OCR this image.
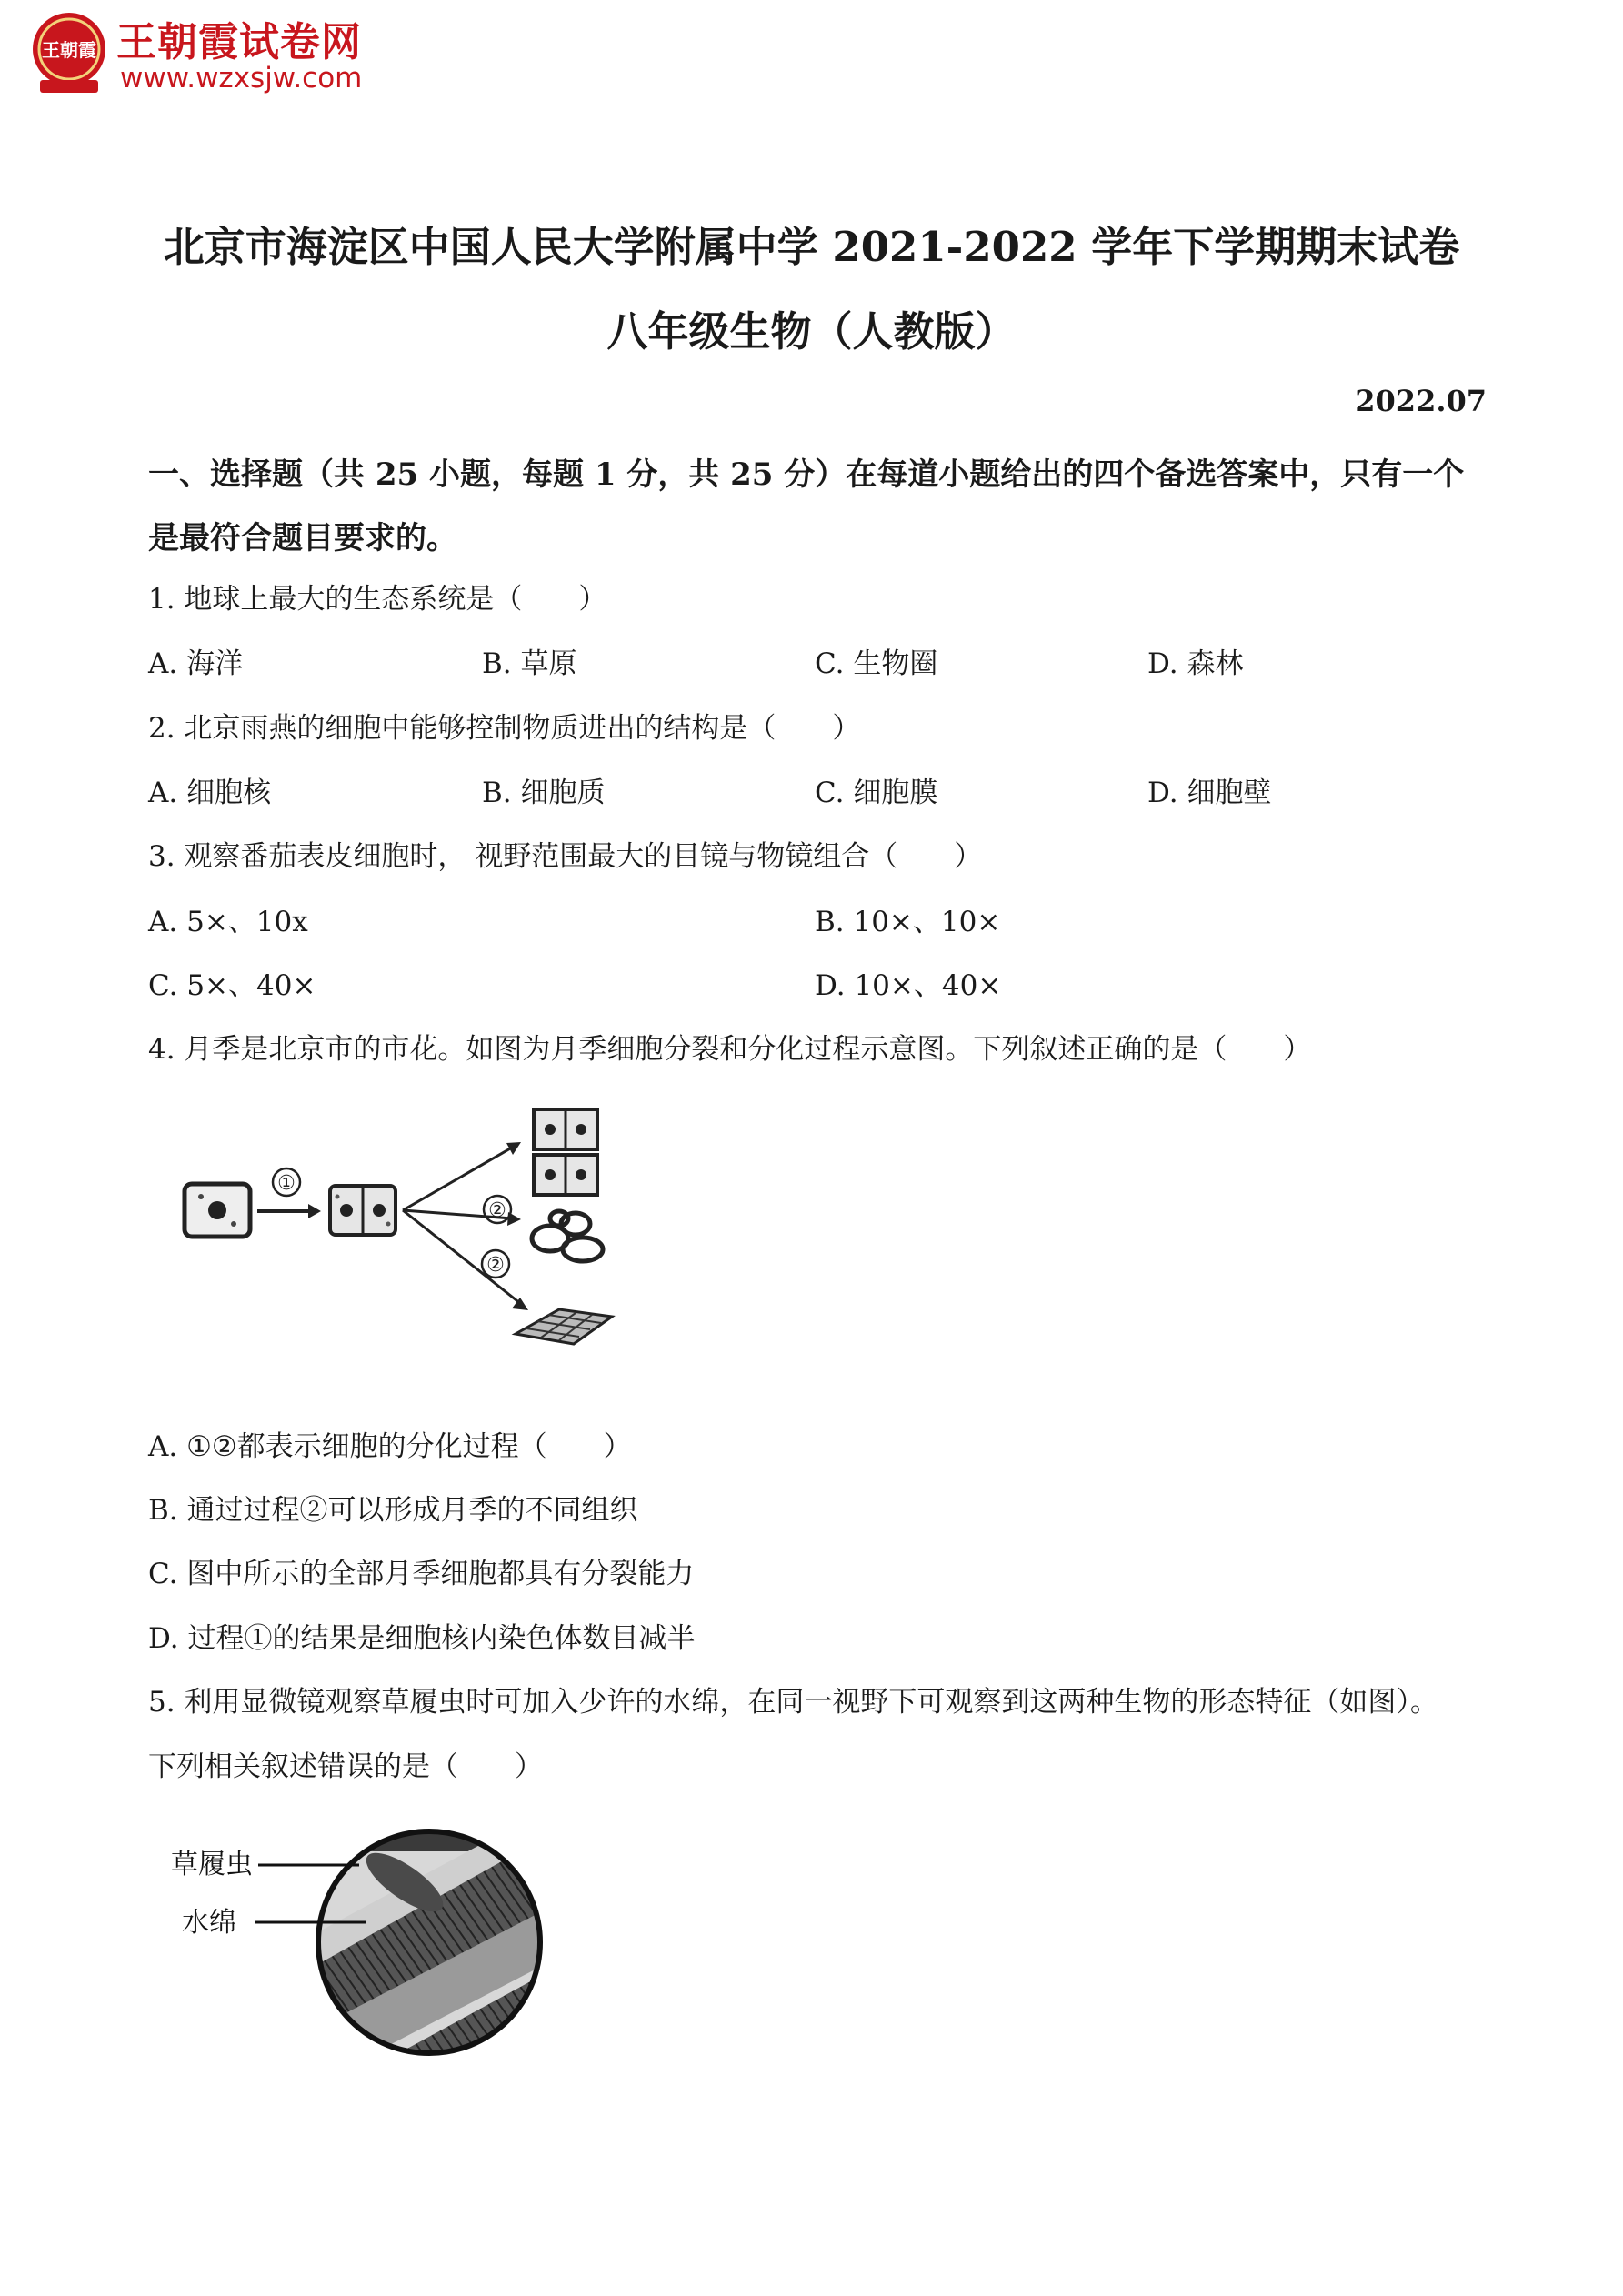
王朝霞 王朝霞试卷网
www.wzxsjw.com
北京市海淀区中国人民大学附属中学 2021-2022 学年下学期期末试卷
八年级生物（人教版）
2022.07
一、选择题（共 25 小题，每题 1 分，共 25 分）在每道小题给出的四个备选答案中，只有一个是最符合题目要求的。
1. 地球上最大的生态系统是（　　）
A. 海洋	B. 草原	C. 生物圈	D. 森林
2. 北京雨燕的细胞中能够控制物质进出的结构是（　　）
A. 细胞核	B. 细胞质	C. 细胞膜	D. 细胞壁
3. 观察番茄表皮细胞时， 视野范围最大的目镜与物镜组合（　　）
A. 5×、10x	B. 10×、10×
C. 5×、40×	D. 10×、40×
4. 月季是北京市的市花。如图为月季细胞分裂和分化过程示意图。下列叙述正确的是（　　）
①
②
②
A. ①②都表示细胞的分化过程（　　）
B. 通过过程②可以形成月季的不同组织
C. 图中所示的全部月季细胞都具有分裂能力
D. 过程①的结果是细胞核内染色体数目减半
5. 利用显微镜观察草履虫时可加入少许的水绵，在同一视野下可观察到这两种生物的形态特征（如图）。
下列相关叙述错误的是（　　）
草履虫
水绵
